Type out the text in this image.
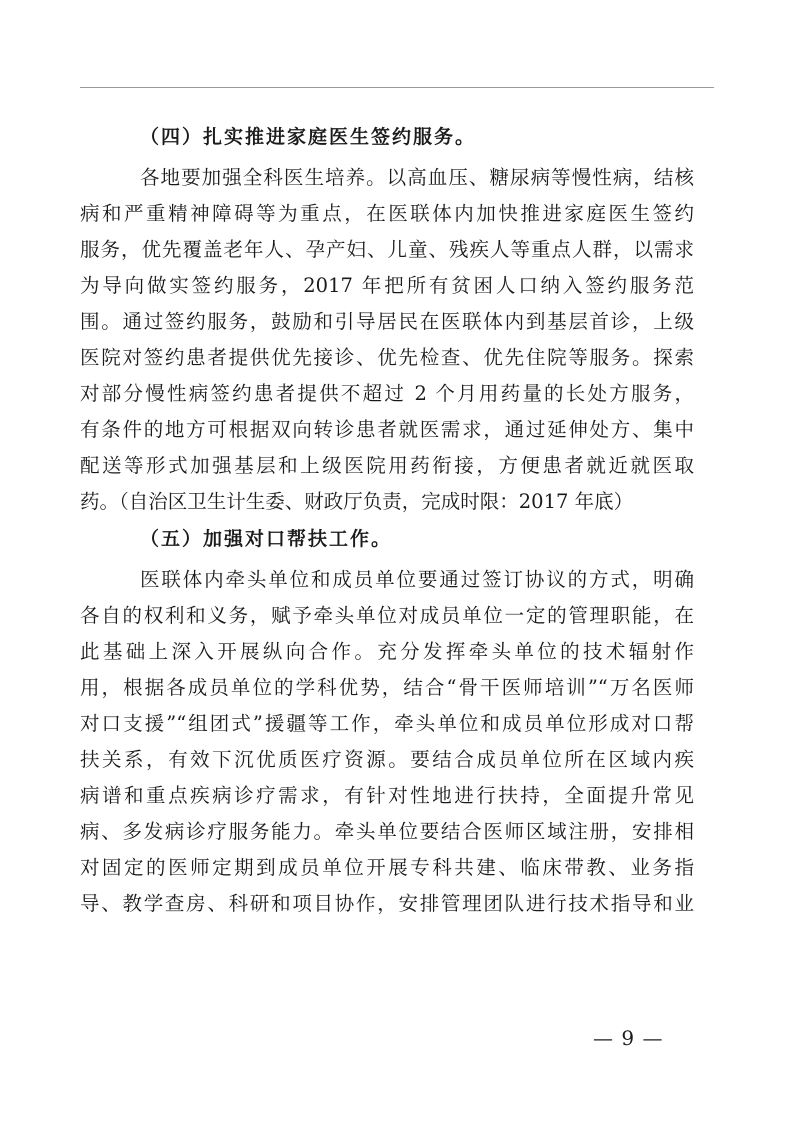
（四）扎实推进家庭医生签约服务。

各地要加强全科医生培养。以高血压、糖尿病等慢性病，结核

病和严重精神障碍等为重点，在医联体内加快推进家庭医生签约

服务，优先覆盖老年人、孕产妇、儿童、残疾人等重点人群，以需求

为导向做实签约服务，2017 年把所有贫困人口纳入签约服务范

围。通过签约服务，鼓励和引导居民在医联体内到基层首诊，上级

医院对签约患者提供优先接诊、优先检查、优先住院等服务。探索

对部分慢性病签约患者提供不超过 2 个月用药量的长处方服务，

有条件的地方可根据双向转诊患者就医需求，通过延伸处方、集中

配送等形式加强基层和上级医院用药衔接，方便患者就近就医取

药。（自治区卫生计生委、财政厅负责，完成时限：2017 年底）

（五）加强对口帮扶工作。

医联体内牵头单位和成员单位要通过签订协议的方式，明确

各自的权利和义务，赋予牵头单位对成员单位一定的管理职能，在

此基础上深入开展纵向合作。充分发挥牵头单位的技术辐射作

用，根据各成员单位的学科优势，结合“骨干医师培训”“万名医师

对口支援”“组团式”援疆等工作，牵头单位和成员单位形成对口帮

扶关系，有效下沉优质医疗资源。要结合成员单位所在区域内疾

病谱和重点疾病诊疗需求，有针对性地进行扶持，全面提升常见

病、多发病诊疗服务能力。牵头单位要结合医师区域注册，安排相

对固定的医师定期到成员单位开展专科共建、临床带教、业务指

导、教学查房、科研和项目协作，安排管理团队进行技术指导和业

— 9 —
